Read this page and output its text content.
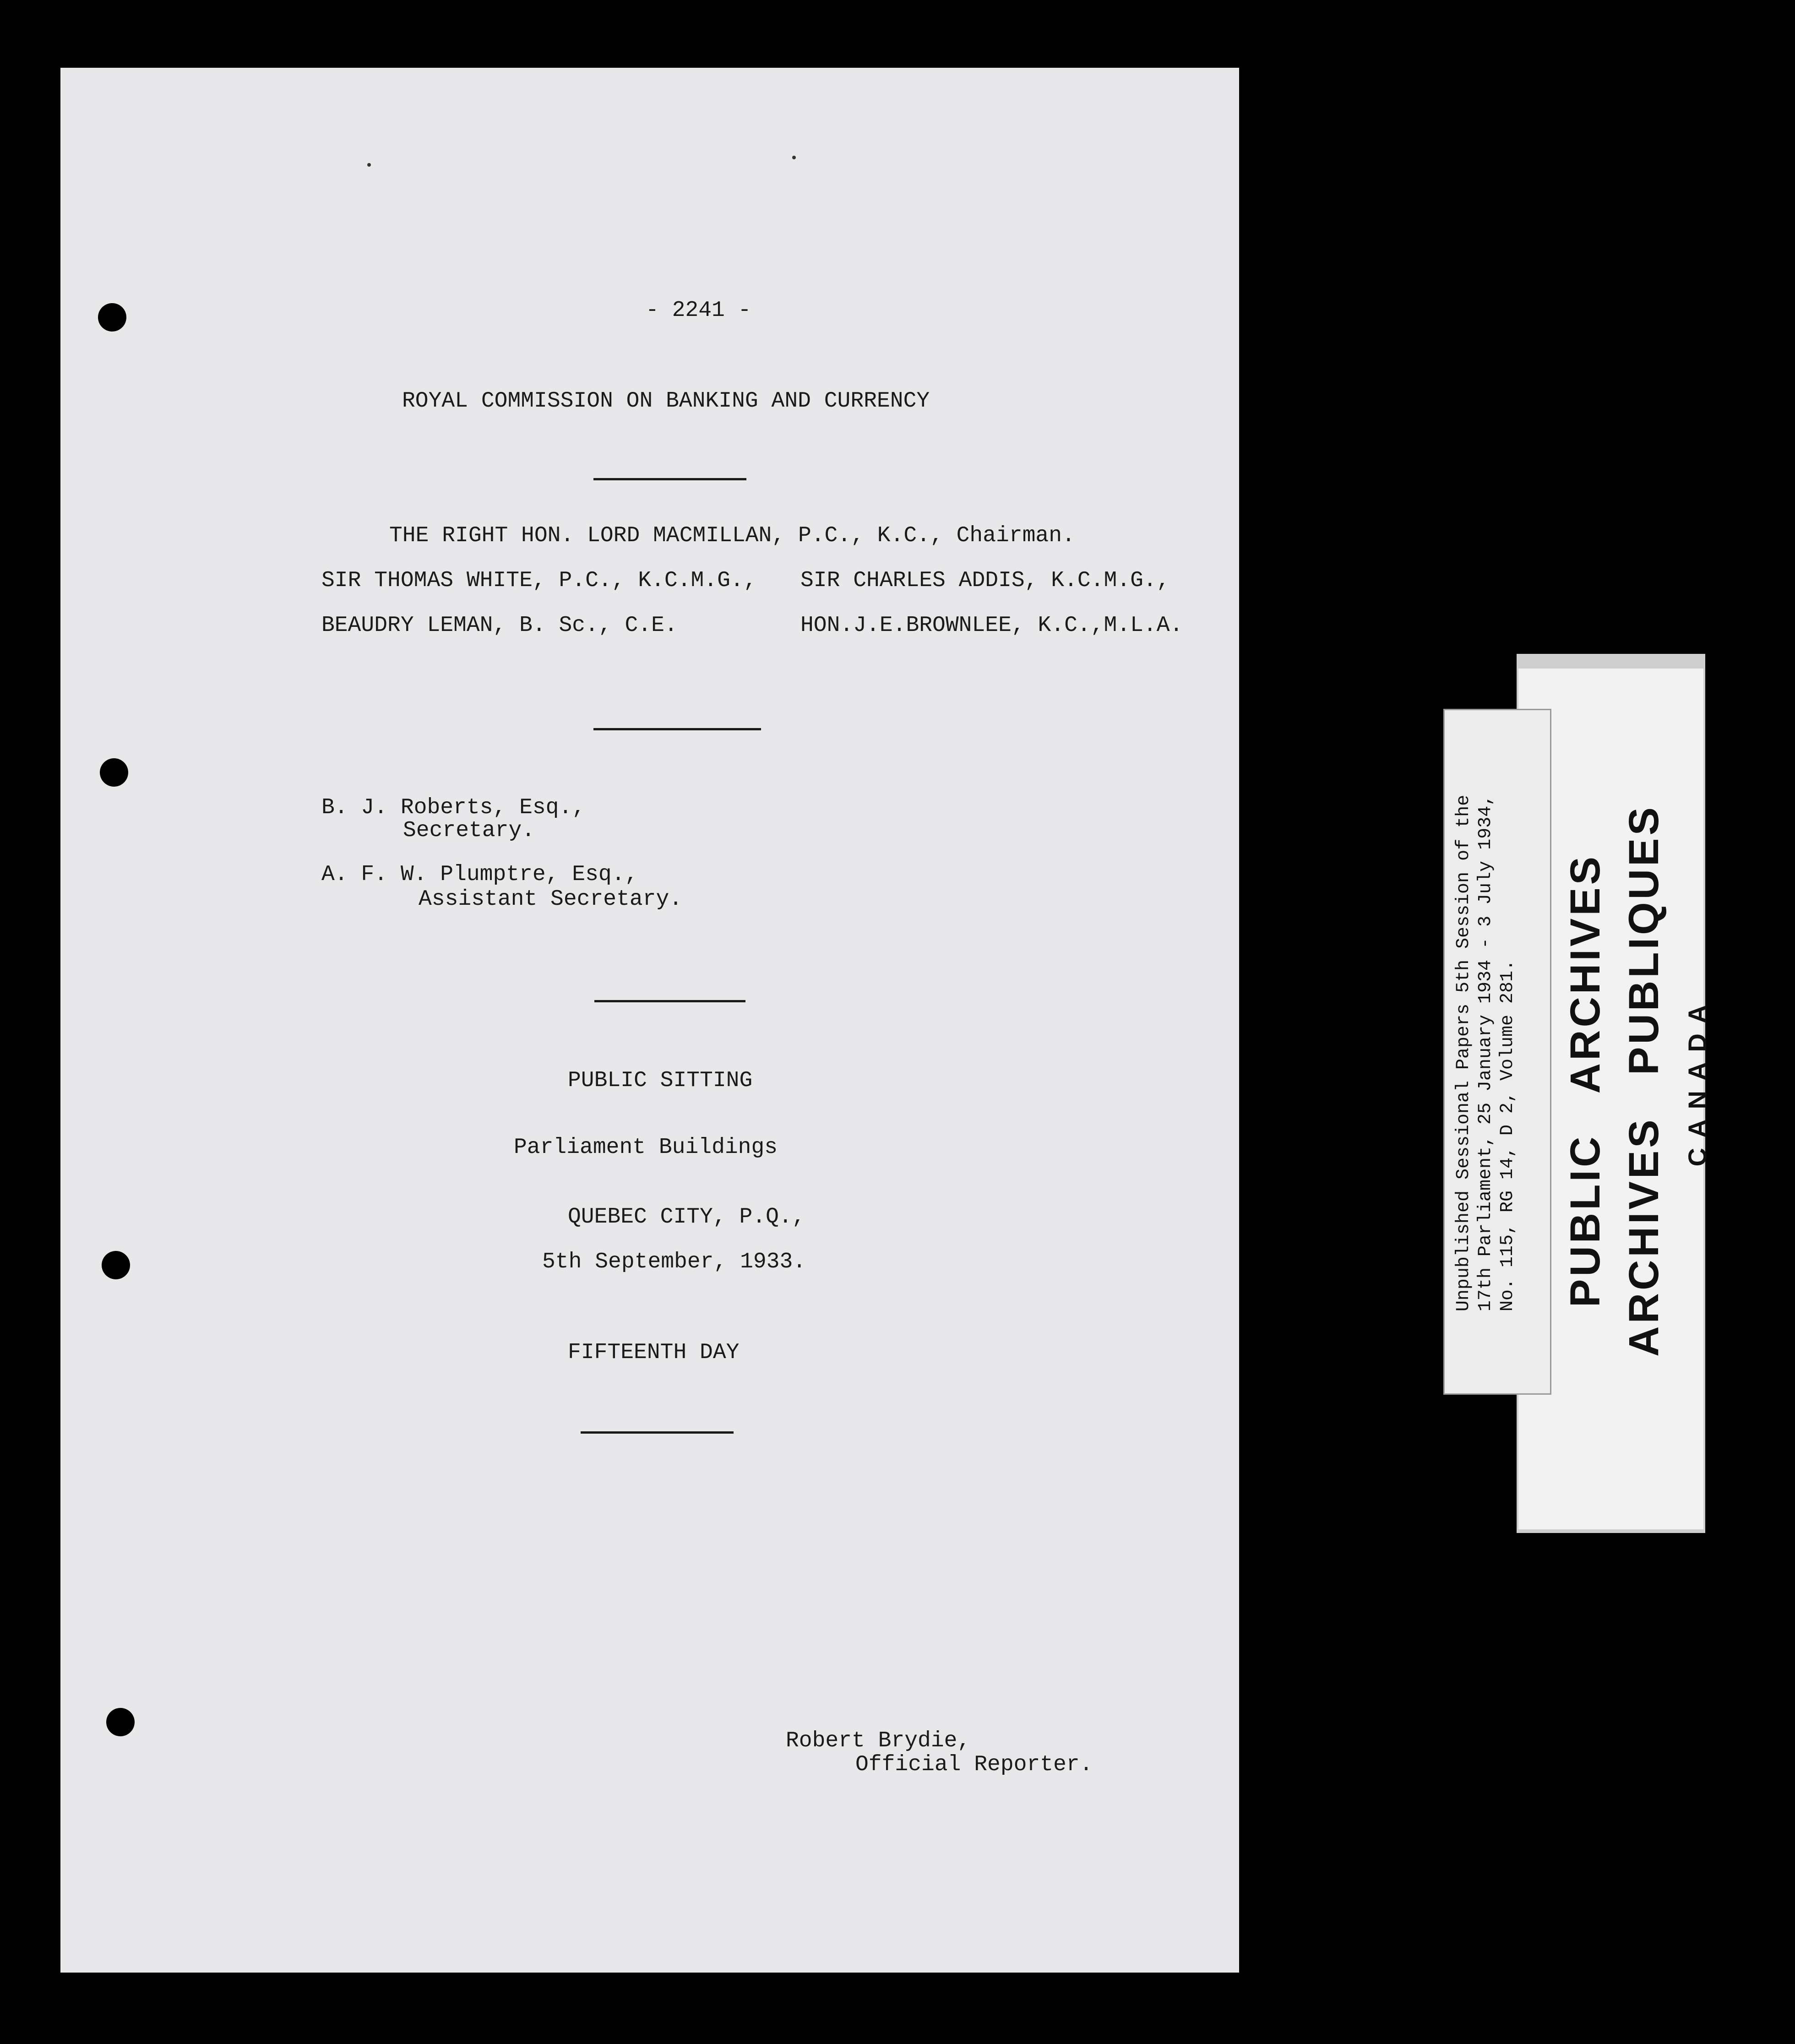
- 2241 -
ROYAL COMMISSION ON BANKING AND CURRENCY
THE RIGHT HON. LORD MACMILLAN, P.C., K.C., Chairman.
SIR THOMAS WHITE, P.C., K.C.M.G., SIR CHARLES ADDIS, K.C.M.G.,
BEAUDRY LEMAN, B. Sc., C.E.	HON.J.E.BROWNLEE, K.C.,M.L.A.
B. J. Roberts, Esq.,
Secretary.
A. F. W. Plumptre, Esq.,
Assistant Secretary.
PUBLIC SITTING
Parliament Buildings
QUEBEC CITY, P.Q.,
5th September, 1933.
FIFTEENTH DAY
Robert Brydie,
Official Reporter.
Unpublished Sessional Papers 5th Session of the
17th Parliament, 25 January 1934 - 3 July 1934,
No. 115, RG 14, D 2, Volume 281.

PUBLIC ARCHIVES

ARCHIVES PUBLIQUES

CANADA
